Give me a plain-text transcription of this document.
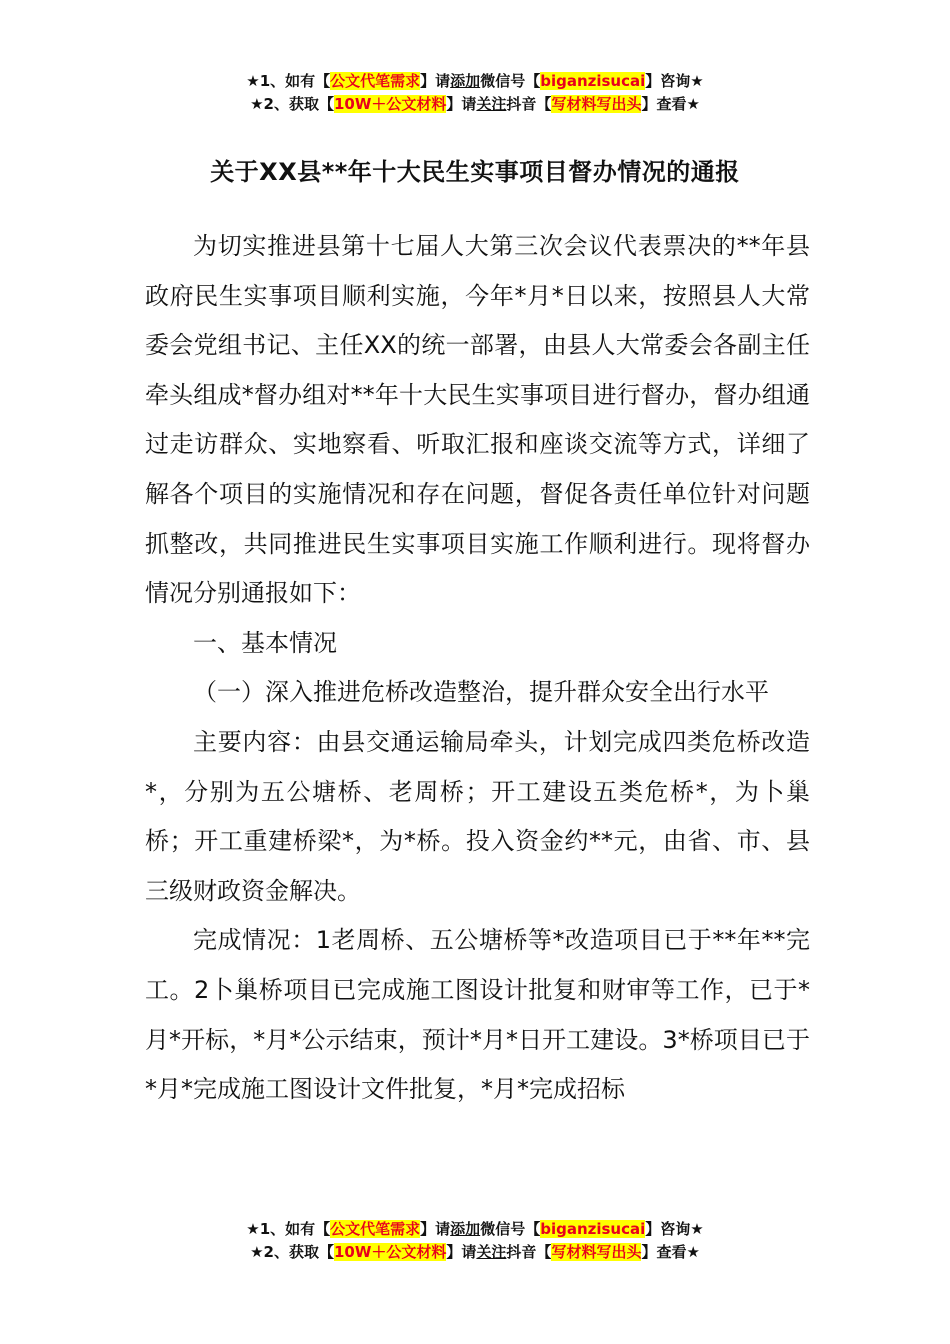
★1、如有【公文代笔需求】请添加微信号【biganzisucai】咨询★
★2、获取【10W＋公文材料】请关注抖音【写材料写出头】查看★
关于XX县**年十大民生实事项目督办情况的通报

为切实推进县第十七届人大第三次会议代表票决的**年县政府民生实事项目顺利实施，今年*月*日以来，按照县人大常委会党组书记、主任XX的统一部署，由县人大常委会各副主任牵头组成*督办组对**年十大民生实事项目进行督办，督办组通过走访群众、实地察看、听取汇报和座谈交流等方式，详细了解各个项目的实施情况和存在问题，督促各责任单位针对问题抓整改，共同推进民生实事项目实施工作顺利进行。现将督办情况分别通报如下：

一、基本情况

（一）深入推进危桥改造整治，提升群众安全出行水平

主要内容：由县交通运输局牵头，计划完成四类危桥改造*，分别为五公塘桥、老周桥；开工建设五类危桥*，为卜巢桥；开工重建桥梁*，为*桥。投入资金约**元，由省、市、县三级财政资金解决。

完成情况：1老周桥、五公塘桥等*改造项目已于**年**完工。2卜巢桥项目已完成施工图设计批复和财审等工作，已于*月*开标，*月*公示结束，预计*月*日开工建设。3*桥项目已于*月*完成施工图设计文件批复，*月*完成招标

★1、如有【公文代笔需求】请添加微信号【biganzisucai】咨询★
★2、获取【10W＋公文材料】请关注抖音【写材料写出头】查看★
